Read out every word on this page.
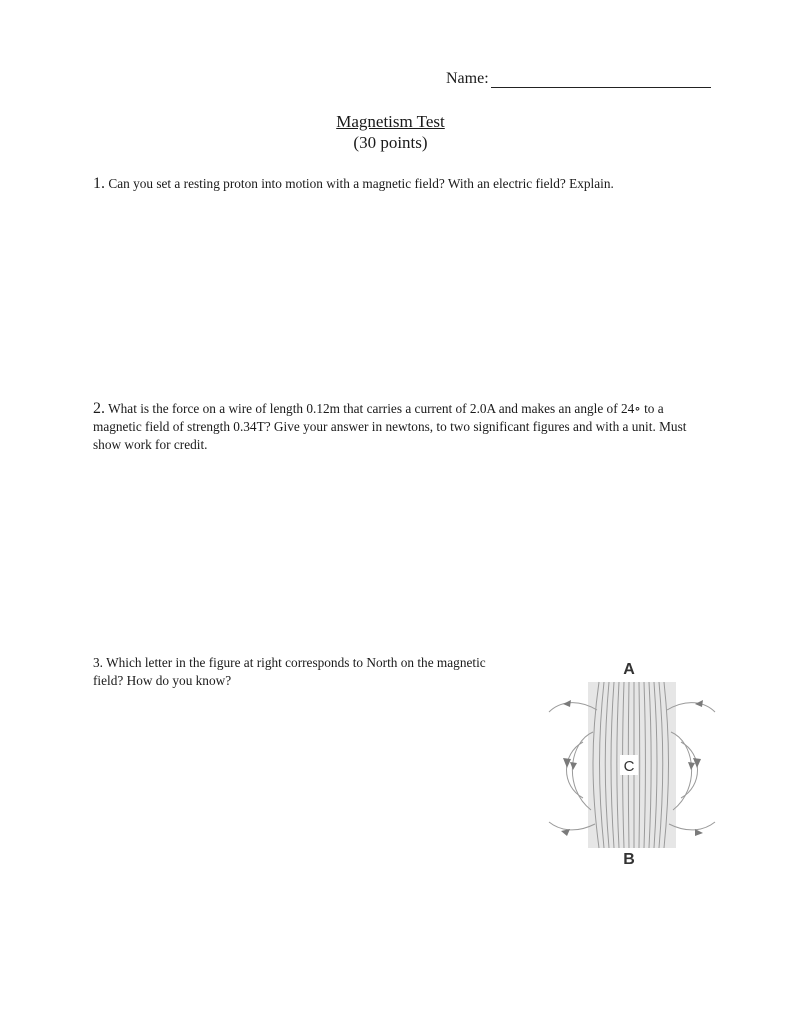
Name:
Magnetism Test
(30 points)
1. Can you set a resting proton into motion with a magnetic field? With an electric field? Explain.
2. What is the force on a wire of length 0.12m that carries a current of 2.0A and makes an angle of 24∘ to a magnetic field of strength 0.34T? Give your answer in newtons, to two significant figures and with a unit. Must show work for credit.
3. Which letter in the figure at right corresponds to North on the magnetic field? How do you know?
A
C
B
